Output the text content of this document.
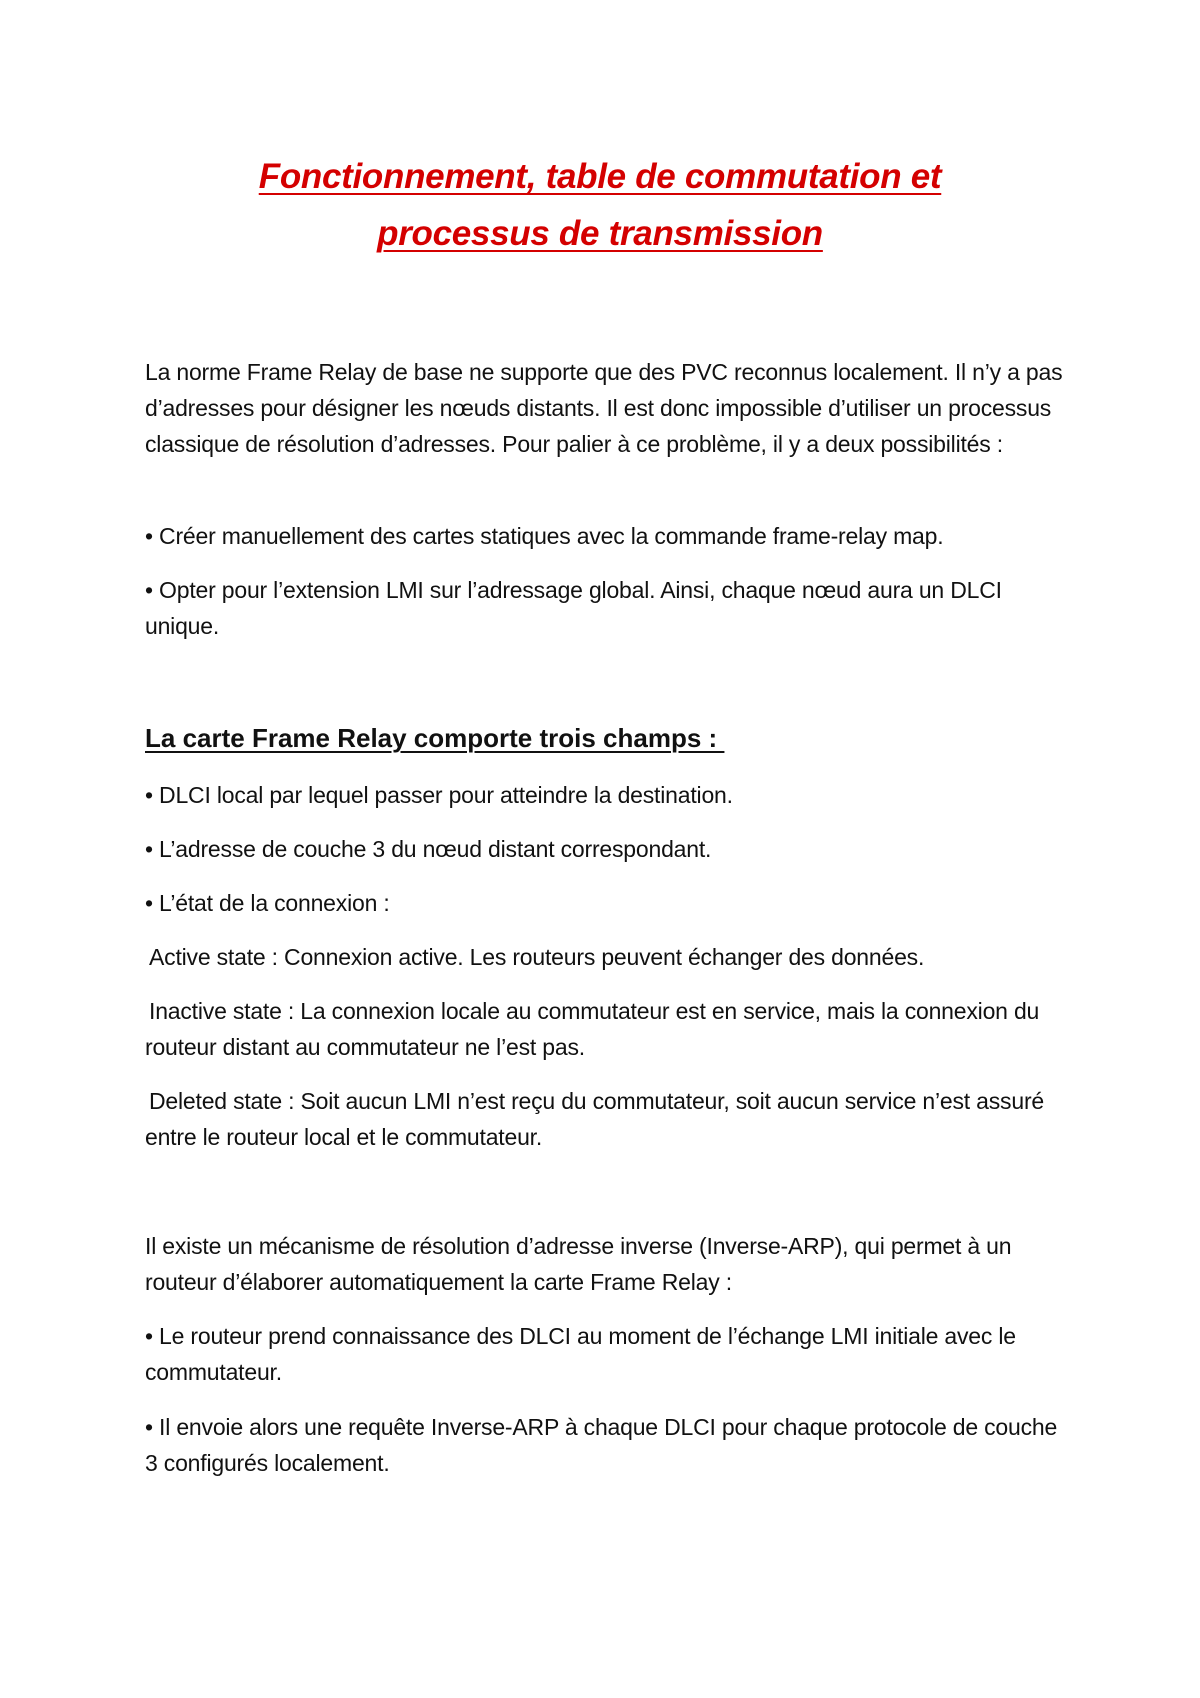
Fonctionnement, table de commutation et
processus de transmission

La norme Frame Relay de base ne supporte que des PVC reconnus localement. Il n’y a pas d’adresses pour désigner les nœuds distants. Il est donc impossible d’utiliser un processus classique de résolution d’adresses. Pour palier à ce problème, il y a deux possibilités :

• Créer manuellement des cartes statiques avec la commande frame-relay map.

• Opter pour l’extension LMI sur l’adressage global. Ainsi, chaque nœud aura un DLCI unique.

La carte Frame Relay comporte trois champs :

• DLCI local par lequel passer pour atteindre la destination.

• L’adresse de couche 3 du nœud distant correspondant.

• L’état de la connexion :

Active state : Connexion active. Les routeurs peuvent échanger des données.

Inactive state : La connexion locale au commutateur est en service, mais la connexion du routeur distant au commutateur ne l’est pas.

Deleted state : Soit aucun LMI n’est reçu du commutateur, soit aucun service n’est assuré entre le routeur local et le commutateur.

Il existe un mécanisme de résolution d’adresse inverse (Inverse-ARP), qui permet à un routeur d’élaborer automatiquement la carte Frame Relay :

• Le routeur prend connaissance des DLCI au moment de l’échange LMI initiale avec le commutateur.

• Il envoie alors une requête Inverse-ARP à chaque DLCI pour chaque protocole de couche 3 configurés localement.
